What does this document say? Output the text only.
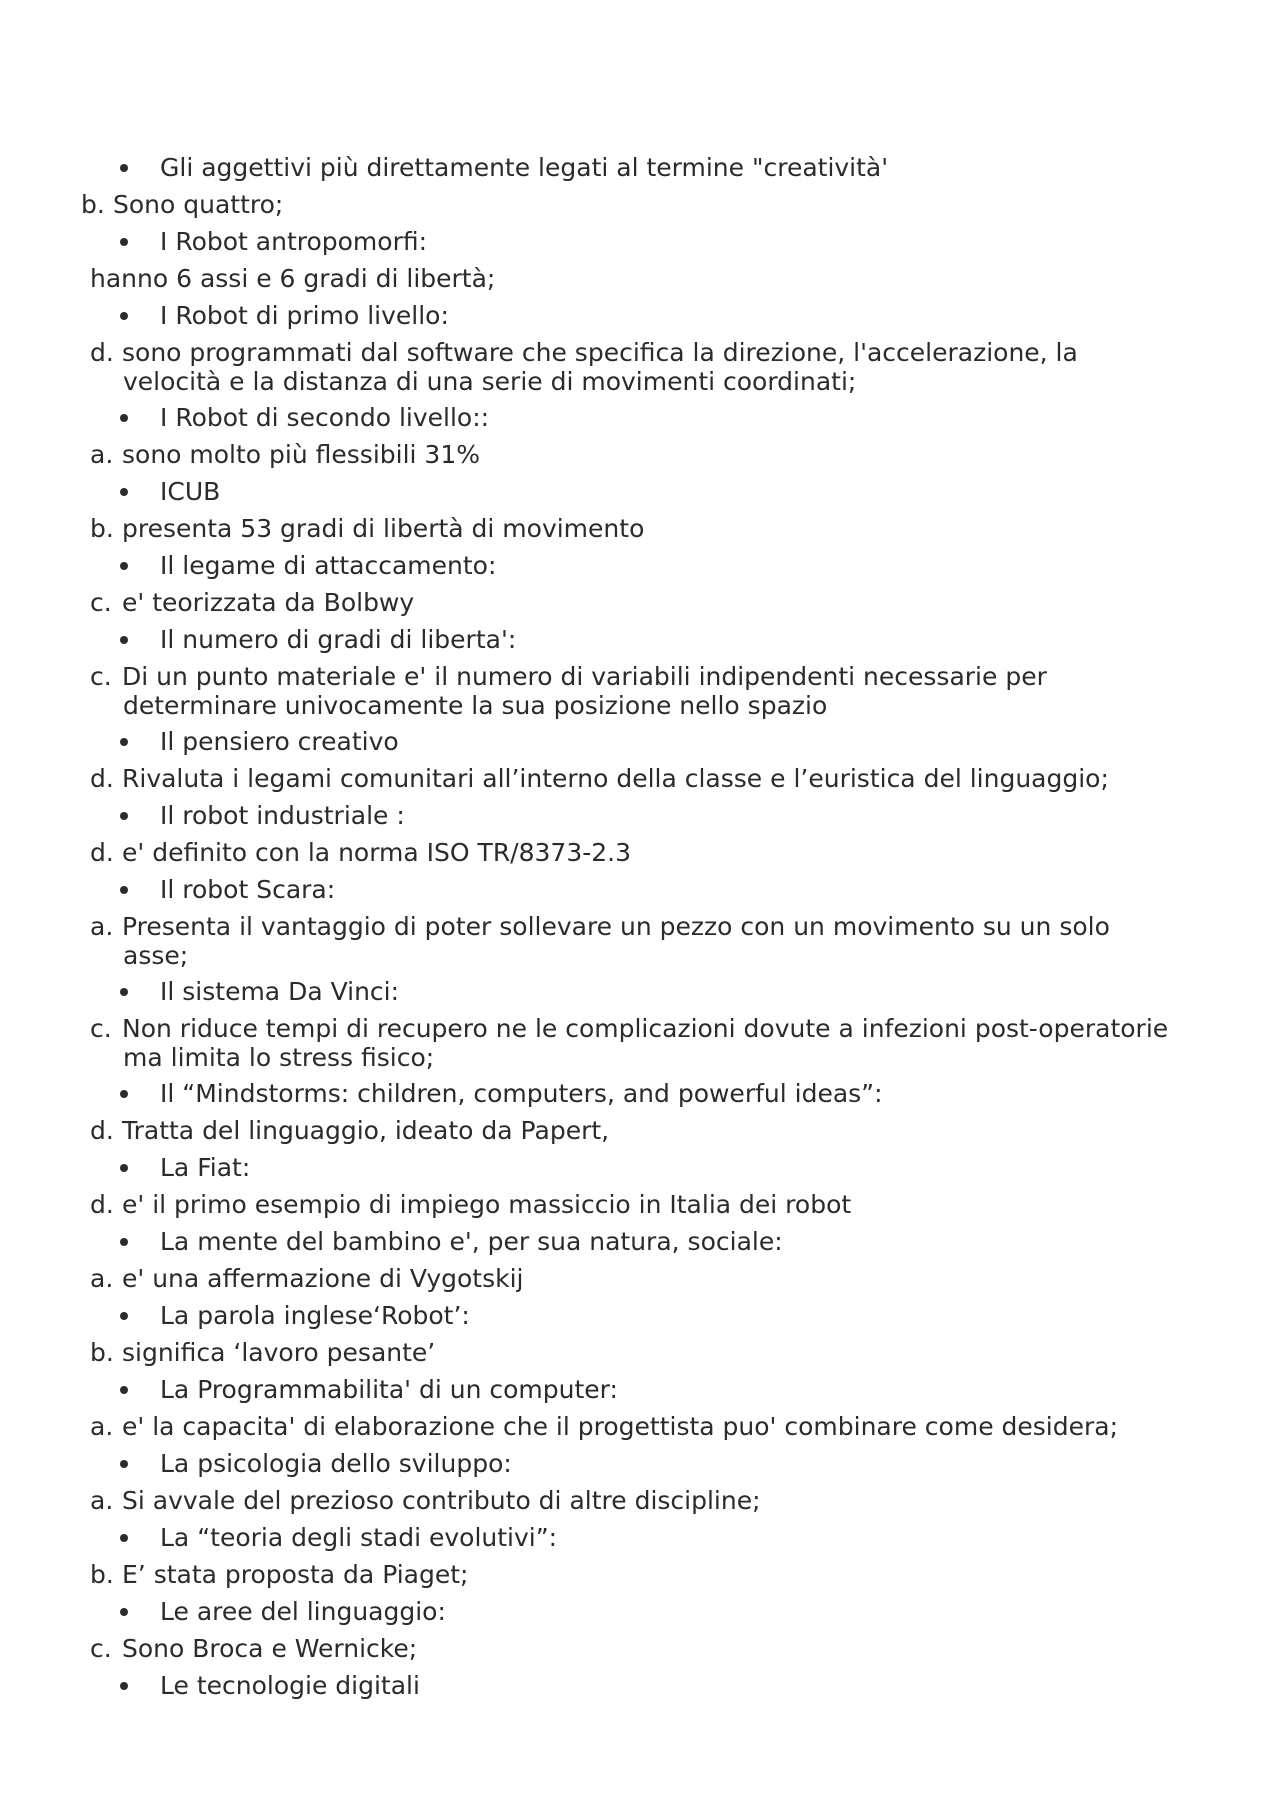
Gli aggettivi più direttamente legati al termine "creatività'
b. Sono quattro;
I Robot antropomorfi:
hanno 6 assi e 6 gradi di libertà;
I Robot di primo livello:
d. sono programmati dal software che specifica la direzione, l'accelerazione, la
velocità e la distanza di una serie di movimenti coordinati;
I Robot di secondo livello::
a. sono molto più flessibili 31%
ICUB
b. presenta 53 gradi di libertà di movimento
Il legame di attaccamento:
c. e' teorizzata da Bolbwy
Il numero di gradi di liberta':
c. Di un punto materiale e' il numero di variabili indipendenti necessarie per
determinare univocamente la sua posizione nello spazio
Il pensiero creativo
d. Rivaluta i legami comunitari all’interno della classe e l’euristica del linguaggio;
Il robot industriale :
d. e' definito con la norma ISO TR/8373-2.3
Il robot Scara:
a. Presenta il vantaggio di poter sollevare un pezzo con un movimento su un solo
asse;
Il sistema Da Vinci:
c. Non riduce tempi di recupero ne le complicazioni dovute a infezioni post-operatorie
ma limita lo stress fisico;
Il “Mindstorms: children, computers, and powerful ideas”:
d. Tratta del linguaggio, ideato da Papert,
La Fiat:
d. e' il primo esempio di impiego massiccio in Italia dei robot
La mente del bambino e', per sua natura, sociale:
a. e' una affermazione di Vygotskij
La parola inglese‘Robot’:
b. significa ‘lavoro pesante’
La Programmabilita' di un computer:
a. e' la capacita' di elaborazione che il progettista puo' combinare come desidera;
La psicologia dello sviluppo:
a. Si avvale del prezioso contributo di altre discipline;
La “teoria degli stadi evolutivi”:
b. E’ stata proposta da Piaget;
Le aree del linguaggio:
c. Sono Broca e Wernicke;
Le tecnologie digitali
